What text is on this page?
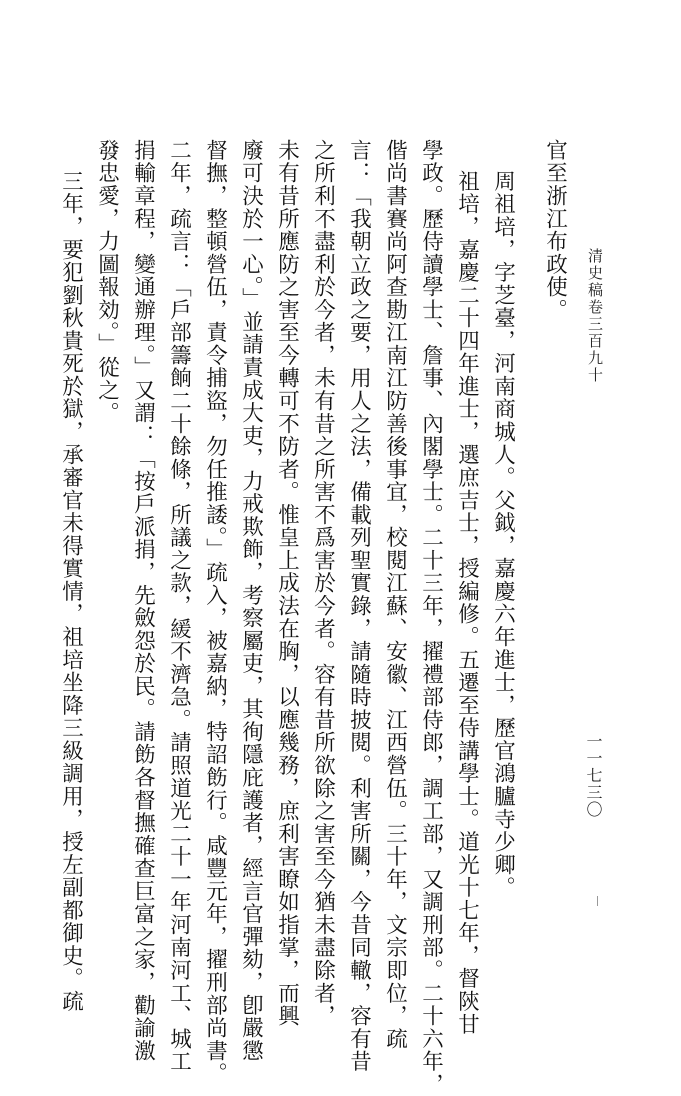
清史稿卷三百九十
一一七三〇
官至浙江布政使。
周祖培，字芝臺，河南商城人。父鉞，嘉慶六年進士，歷官鴻臚寺少卿。
祖培，嘉慶二十四年進士，選庶吉士，授編修。五遷至侍講學士。道光十七年，督陝甘
學政。歷侍讀學士、詹事、內閣學士。二十三年，擢禮部侍郎，調工部，又調刑部。二十六年，
偕尚書賽尚阿查勘江南江防善後事宜，校閱江蘇、安徽、江西營伍。三十年，文宗即位，疏
言：「我朝立政之要，用人之法，備載列聖實錄，請隨時披閱。利害所關，今昔同轍，容有昔
之所利不盡利於今者，未有昔之所害不爲害於今者。容有昔所欲除之害至今猶未盡除者，
未有昔所應防之害至今轉可不防者。惟皇上成法在胸，以應幾務，庶利害瞭如指掌，而興
廢可決於一心。」並請責成大吏，力戒欺飾，考察屬吏，其徇隱庇護者，經言官彈劾，卽嚴懲
督撫，整頓營伍，責令捕盜，勿任推諉。」疏入，被嘉納，特詔飭行。咸豐元年，擢刑部尚書。
二年，疏言：「戶部籌餉二十餘條，所議之款，緩不濟急。請照道光二十一年河南河工、城工
捐輸章程，變通辦理。」又謂：「按戶派捐，先斂怨於民。請飭各督撫確查巨富之家，勸諭激
發忠愛，力圖報効。」從之。
三年，要犯劉秋貴死於獄，承審官未得實情，祖培坐降三級調用，授左副都御史。疏
